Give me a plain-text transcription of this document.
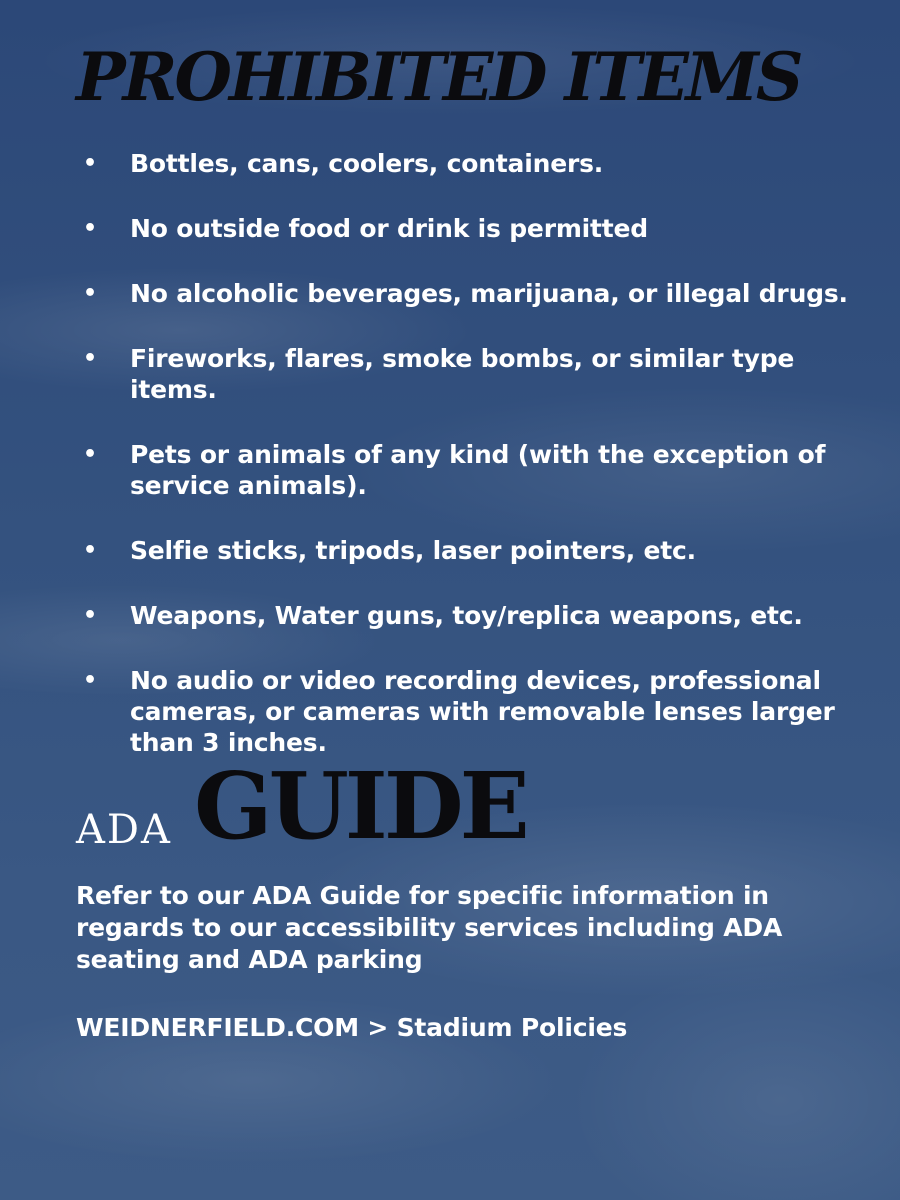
PROHIBITED ITEMS
• Bottles, cans, coolers, containers.
• No outside food or drink is permitted
• No alcoholic beverages, marijuana, or illegal drugs.
• Fireworks, flares, smoke bombs, or similar type items.
• Pets or animals of any kind (with the exception of service animals).
• Selfie sticks, tripods, laser pointers, etc.
• Weapons, Water guns, toy/replica weapons, etc.
• No audio or video recording devices, professional cameras, or cameras with removable lenses larger than 3 inches.
ADA GUIDE

Refer to our ADA Guide for specific information in regards to our accessibility services including ADA seating and ADA parking

WEIDNERFIELD.COM > Stadium Policies
